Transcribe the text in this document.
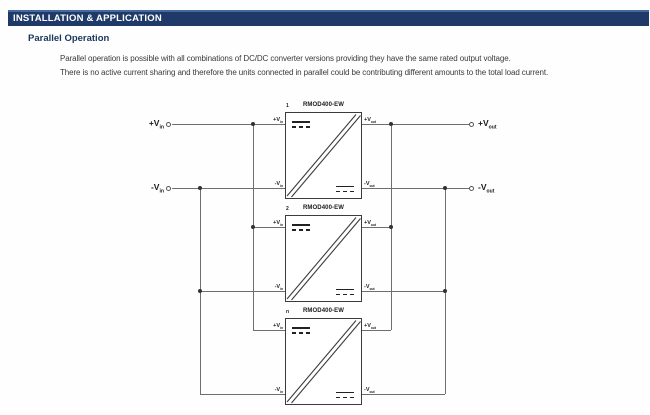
INSTALLATION & APPLICATION
Parallel Operation
Parallel operation is possible with all combinations of DC/DC converter versions providing they have the same rated output voltage.
There is no active current sharing and therefore the units connected in parallel could be contributing different amounts to the total load current.
$+V_{in}$
$-V_{in}$
$+V_{out}$
$-V_{out}$
1	RMOD400-EW
$+V_{in}$
$-V_{in}$
$+V_{out}$
$-V_{out}$
2	RMOD400-EW
$+V_{in}$
$-V_{in}$
$+V_{out}$
$-V_{out}$
n	RMOD400-EW
$+V_{in}$
$-V_{in}$
$+V_{out}$
$-V_{out}$
